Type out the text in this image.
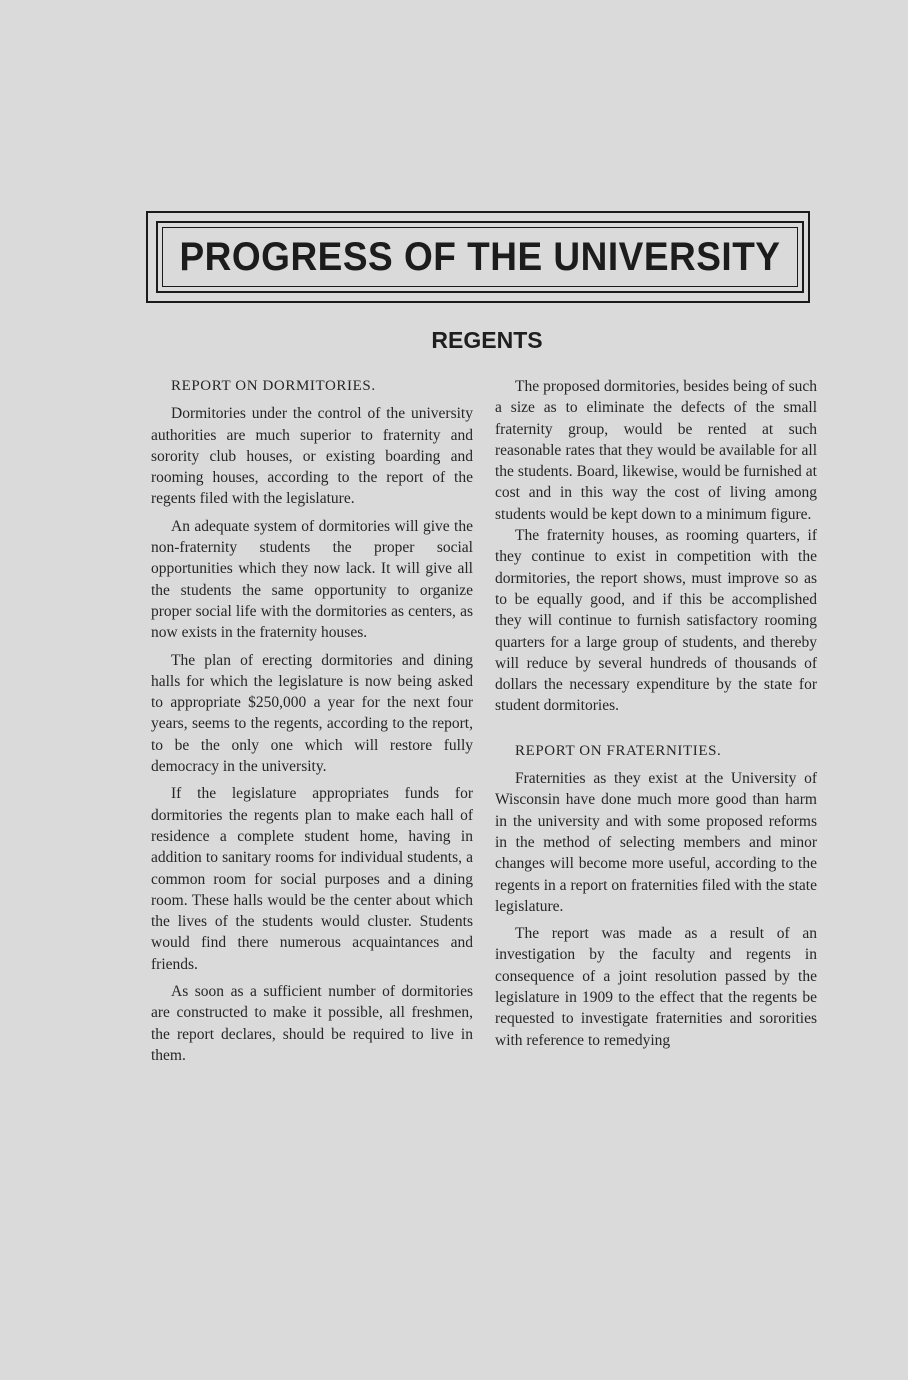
PROGRESS OF THE UNIVERSITY
REGENTS

REPORT ON DORMITORIES.

Dormitories under the control of the university authorities are much superior to fraternity and sorority club houses, or existing boarding and rooming houses, according to the report of the regents filed with the legislature.

An adequate system of dormitories will give the non-fraternity students the proper social opportunities which they now lack. It will give all the students the same opportunity to organize proper social life with the dormitories as centers, as now exists in the fraternity houses.

The plan of erecting dormitories and dining halls for which the legislature is now being asked to appropriate $250,000 a year for the next four years, seems to the regents, according to the report, to be the only one which will restore fully democracy in the university.

If the legislature appropriates funds for dormitories the regents plan to make each hall of residence a complete student home, having in addition to sanitary rooms for individual students, a common room for social purposes and a dining room. These halls would be the center about which the lives of the students would cluster. Students would find there numerous acquaintances and friends.

As soon as a sufficient number of dormitories are constructed to make it possible, all freshmen, the report declares, should be required to live in them.

The proposed dormitories, besides being of such a size as to eliminate the defects of the small fraternity group, would be rented at such reasonable rates that they would be available for all the students. Board, likewise, would be furnished at cost and in this way the cost of living among students would be kept down to a minimum figure.

The fraternity houses, as rooming quarters, if they continue to exist in competition with the dormitories, the report shows, must improve so as to be equally good, and if this be accomplished they will continue to furnish satisfactory rooming quarters for a large group of students, and thereby will reduce by several hundreds of thousands of dollars the necessary expenditure by the state for student dormitories.

REPORT ON FRATERNITIES.

Fraternities as they exist at the University of Wisconsin have done much more good than harm in the university and with some proposed reforms in the method of selecting members and minor changes will become more useful, according to the regents in a report on fraternities filed with the state legislature.

The report was made as a result of an investigation by the faculty and regents in consequence of a joint resolution passed by the legislature in 1909 to the effect that the regents be requested to investigate fraternities and sororities with reference to remedying
